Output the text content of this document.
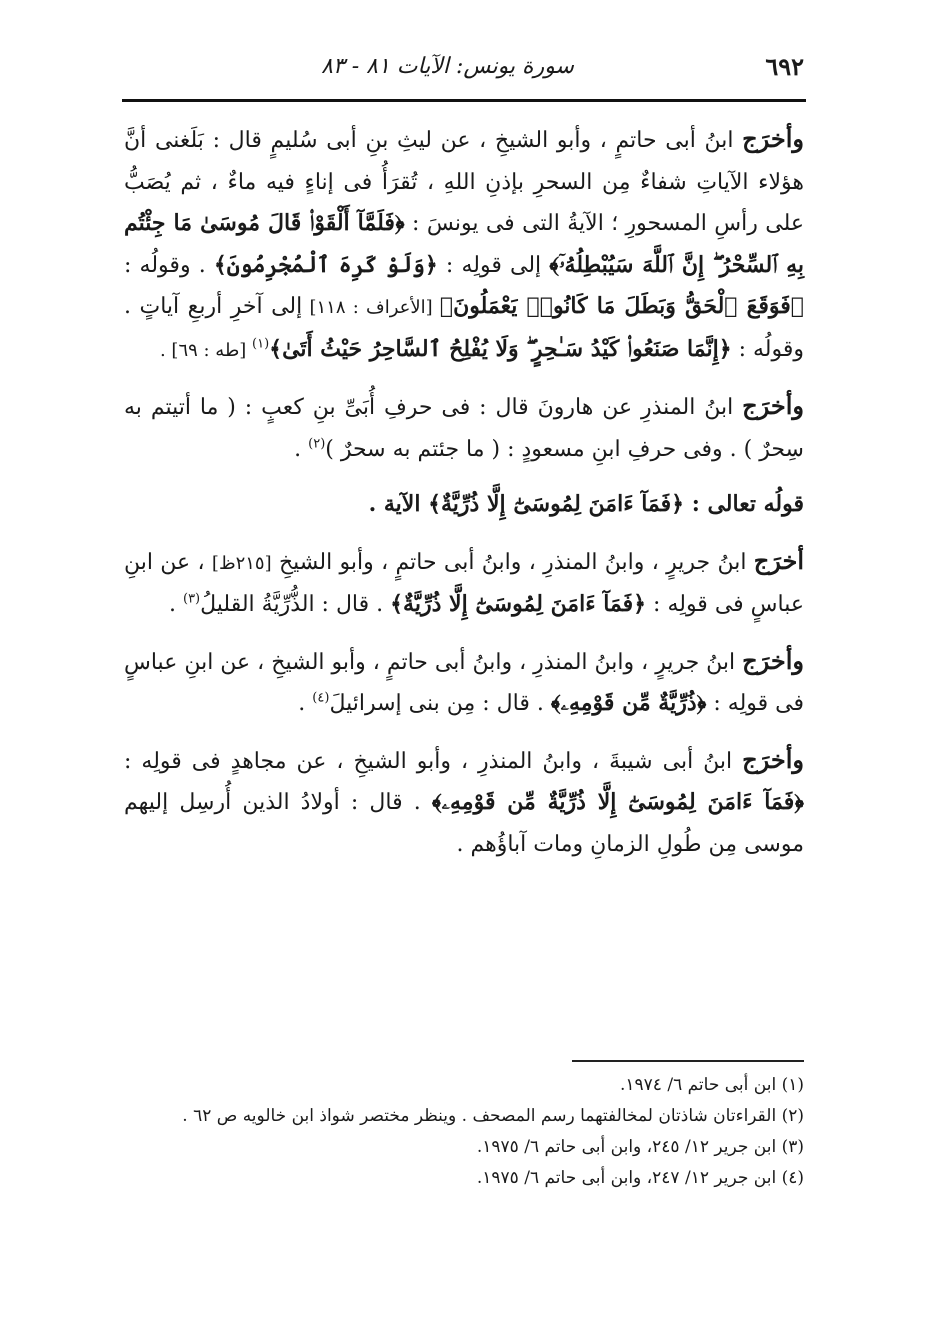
٦٩٢
سورة يونس: الآيات ٨١ - ٨٣

وأخرَج ابنُ أبى حاتمٍ ، وأبو الشيخِ ، عن ليثِ بنِ أبى سُليمٍ قال : بَلَغنى أنَّ هؤلاء الآياتِ شفاءٌ مِن السحرِ بإذنِ اللهِ ، تُقرَأُ فى إناءٍ فيه ماءٌ ، ثم يُصَبُّ على رأسِ المسحورِ ؛ الآيةُ التى فى يونسَ : ﴿فَلَمَّآ أَلْقَوْا۟ قَالَ مُوسَىٰ مَا جِئْتُم بِهِ ٱلسِّحْرُ ۖ إِنَّ ٱللَّهَ سَيُبْطِلُهُۥٓ﴾ إلى قولِه : ﴿وَلَوْ كَرِهَ ٱلْمُجْرِمُونَ﴾ . وقولُه : ﴿فَوَقَعَ ٱلْحَقُّ وَبَطَلَ مَا كَانُوا۟ يَعْمَلُونَ﴾ [الأعراف : ١١٨] إلى آخرِ أربعِ آياتٍ . وقولُه : ﴿إِنَّمَا صَنَعُوا۟ كَيْدُ سَـٰحِرٍ ۖ وَلَا يُفْلِحُ ٱلسَّاحِرُ حَيْثُ أَتَىٰ﴾$^{(١)}$ [طه : ٦٩] .

وأخرَج ابنُ المنذرِ عن هارونَ قال : فى حرفِ أُبَىِّ بنِ كعبٍ : ( ما أتيتم به سِحرٌ ) . وفى حرفِ ابنِ مسعودٍ : ( ما جئتم به سحرٌ )$^{(٢)}$ .

قولُه تعالى : ﴿فَمَآ ءَامَنَ لِمُوسَىٰٓ إِلَّا ذُرِّيَّةٌ﴾ الآية .

أخرَج ابنُ جريرٍ ، وابنُ المنذرِ ، وابنُ أبى حاتمٍ ، وأبو الشيخِ [٢١٥ظ] ، عن ابنِ عباسٍ فى قولِه : ﴿فَمَآ ءَامَنَ لِمُوسَىٰٓ إِلَّا ذُرِّيَّةٌ﴾ . قال : الذُّرِّيَّةُ القليلُ$^{(٣)}$ .

وأخرَج ابنُ جريرٍ ، وابنُ المنذرِ ، وابنُ أبى حاتمٍ ، وأبو الشيخِ ، عن ابنِ عباسٍ فى قولِه : ﴿ذُرِّيَّةٌ مِّن قَوْمِهِۦ﴾ . قال : مِن بنى إسرائيلَ$^{(٤)}$ .

وأخرَج ابنُ أبى شيبةَ ، وابنُ المنذرِ ، وأبو الشيخِ ، عن مجاهدٍ فى قولِه : ﴿فَمَآ ءَامَنَ لِمُوسَىٰٓ إِلَّا ذُرِّيَّةٌ مِّن قَوْمِهِۦ﴾ . قال : أولادُ الذين أُرسِل إليهم موسى مِن طُولِ الزمانِ ومات آباؤُهم .

(١) ابن أبى حاتم ٦/ ١٩٧٤.

(٢) القراءتان شاذتان لمخالفتهما رسم المصحف . وينظر مختصر شواذ ابن خالويه ص ٦٢ .

(٣) ابن جرير ١٢/ ٢٤٥، وابن أبى حاتم ٦/ ١٩٧٥.

(٤) ابن جرير ١٢/ ٢٤٧، وابن أبى حاتم ٦/ ١٩٧٥.
